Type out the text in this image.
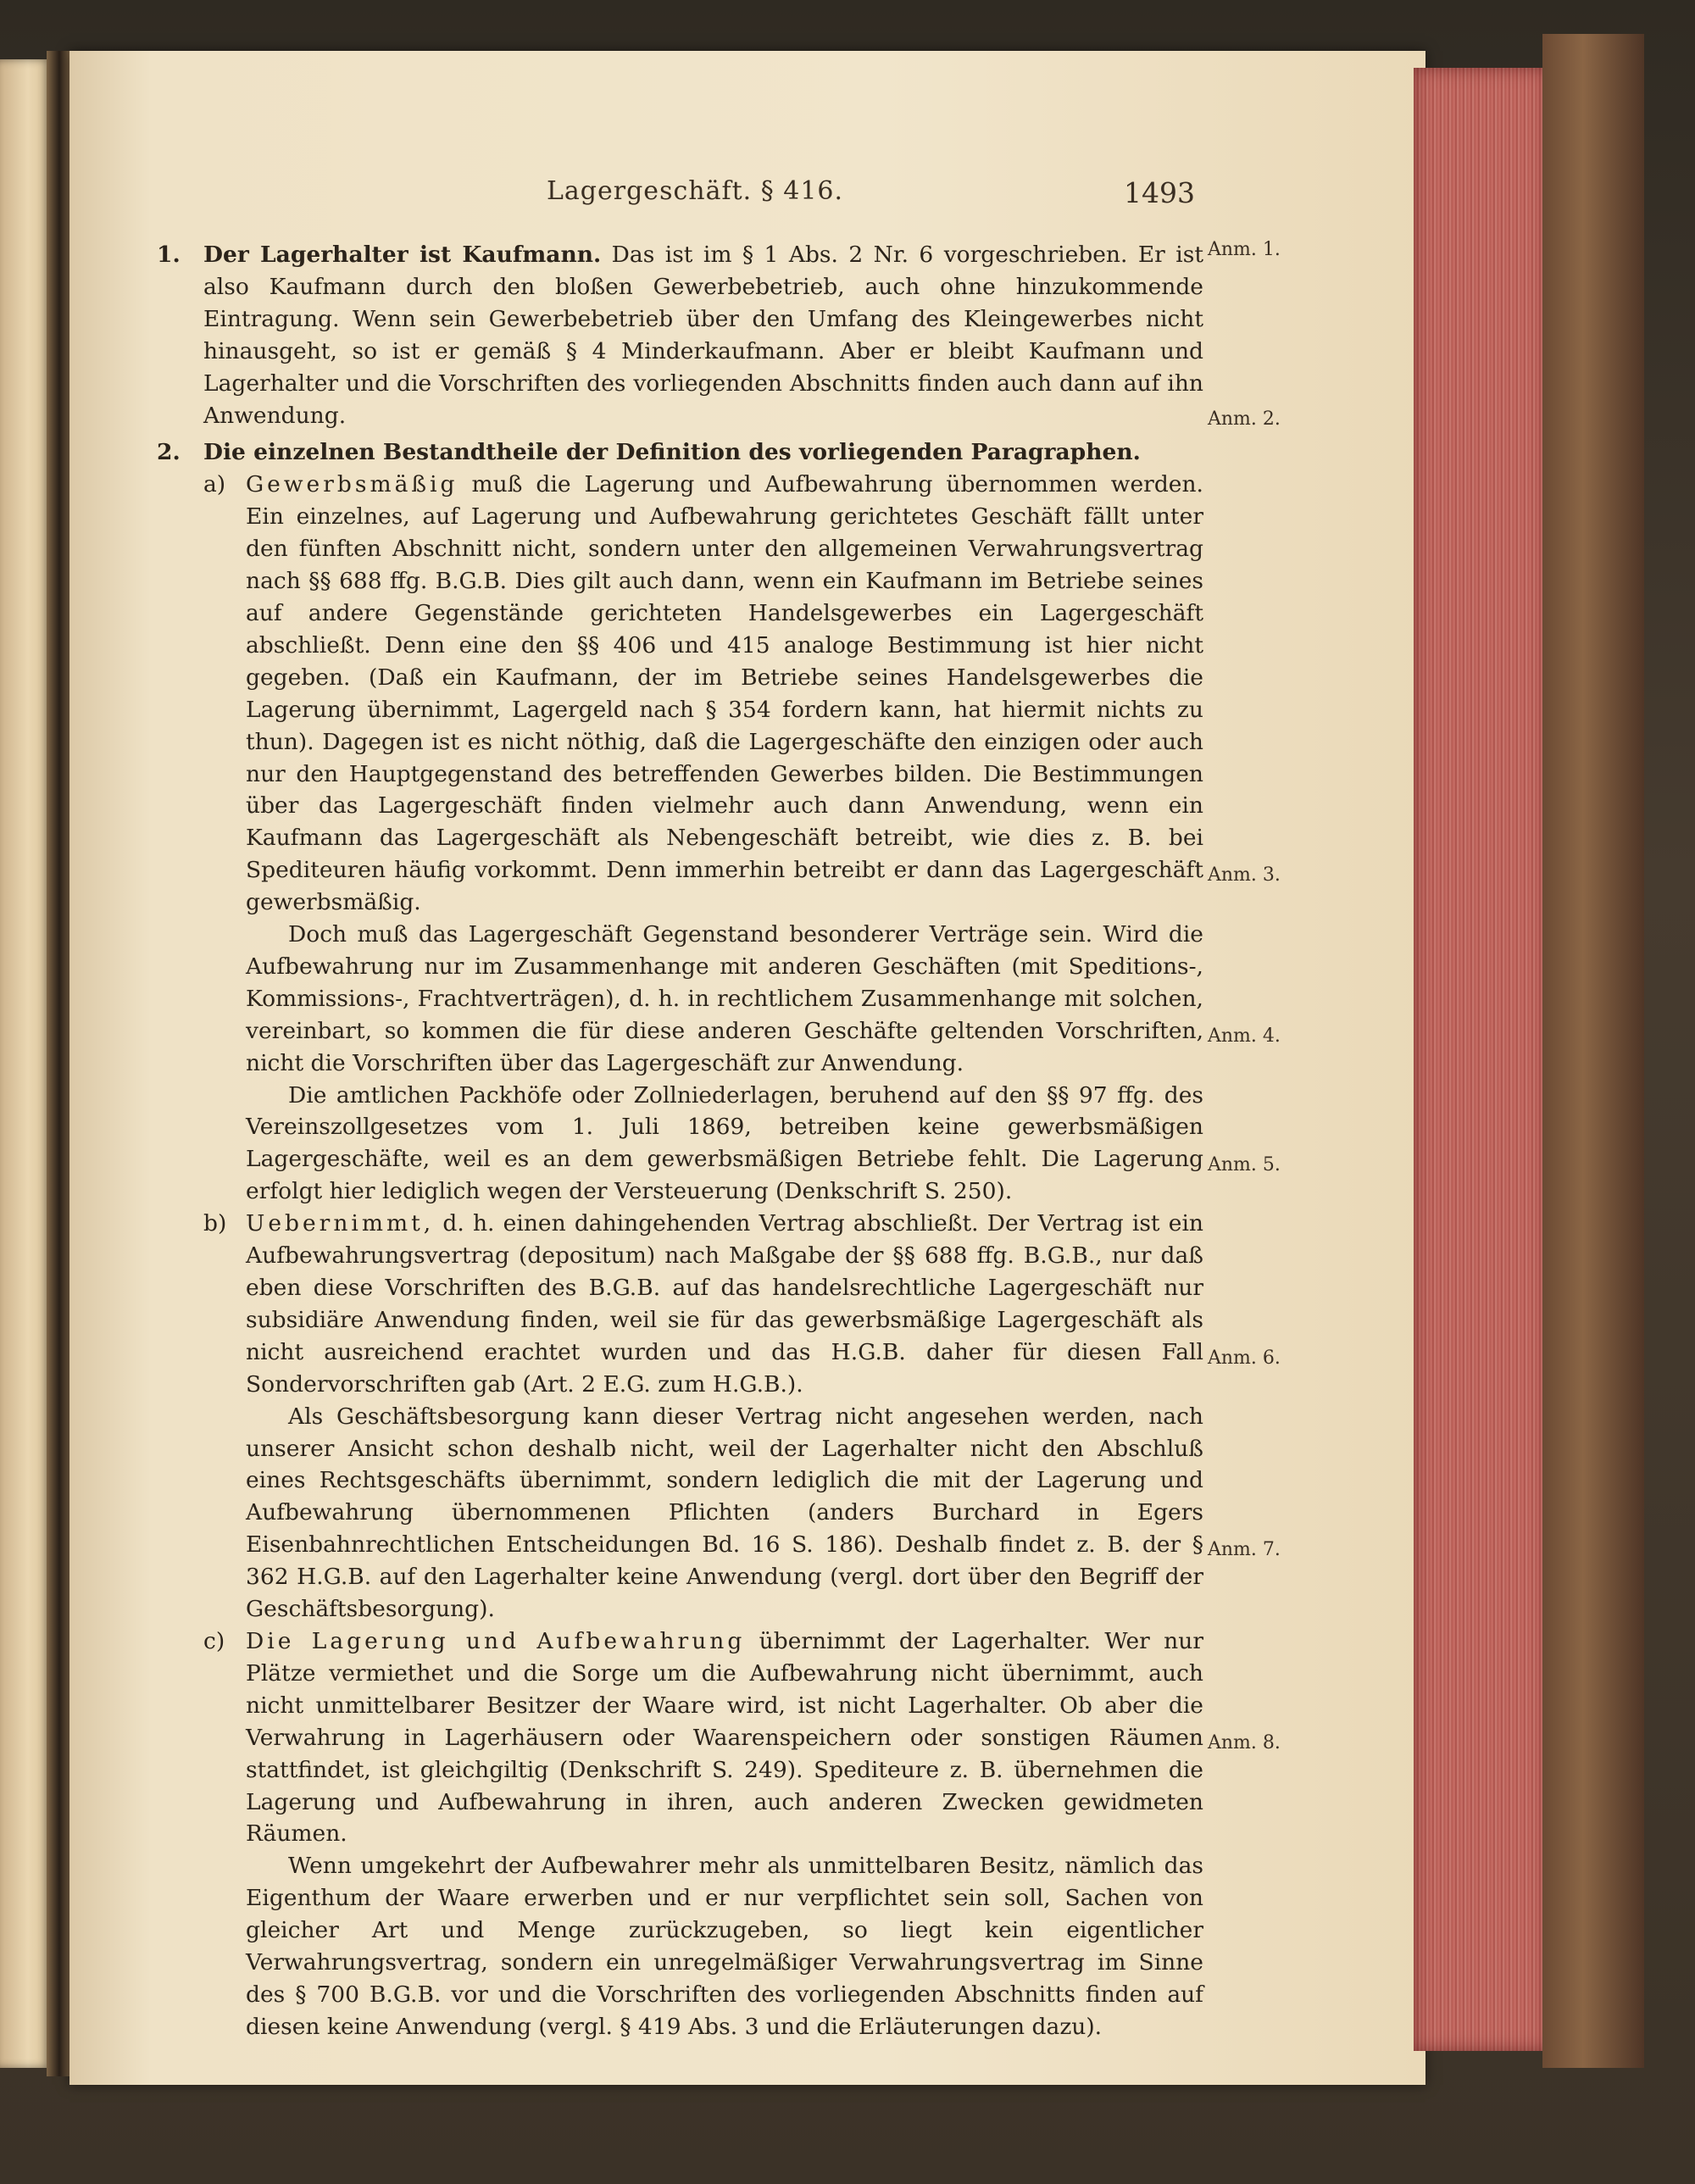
Lagergeschäft. § 416.	1493
1. Der Lagerhalter ist Kaufmann. Das ist im § 1 Abs. 2 Nr. 6 vorgeschrieben. Er ist also Kaufmann durch den bloßen Gewerbebetrieb, auch ohne hinzukommende Eintragung. Wenn sein Gewerbebetrieb über den Umfang des Kleingewerbes nicht hinausgeht, so ist er gemäß § 4 Minderkaufmann. Aber er bleibt Kaufmann und Lagerhalter und die Vorschriften des vorliegenden Abschnitts finden auch dann auf ihn Anwendung.
2. Die einzelnen Bestandtheile der Definition des vorliegenden Paragraphen.
a) Gewerbsmäßig muß die Lagerung und Aufbewahrung übernommen werden. Ein einzelnes, auf Lagerung und Aufbewahrung gerichtetes Geschäft fällt unter den fünften Abschnitt nicht, sondern unter den allgemeinen Verwahrungsvertrag nach §§ 688 ffg. B.G.B. Dies gilt auch dann, wenn ein Kaufmann im Betriebe seines auf andere Gegenstände gerichteten Handelsgewerbes ein Lagergeschäft abschließt. Denn eine den §§ 406 und 415 analoge Bestimmung ist hier nicht gegeben. (Daß ein Kaufmann, der im Betriebe seines Handelsgewerbes die Lagerung übernimmt, Lagergeld nach § 354 fordern kann, hat hiermit nichts zu thun). Dagegen ist es nicht nöthig, daß die Lagergeschäfte den einzigen oder auch nur den Hauptgegenstand des betreffenden Gewerbes bilden. Die Bestimmungen über das Lagergeschäft finden vielmehr auch dann Anwendung, wenn ein Kaufmann das Lagergeschäft als Nebengeschäft betreibt, wie dies z. B. bei Spediteuren häufig vorkommt. Denn immerhin betreibt er dann das Lagergeschäft gewerbsmäßig.
Doch muß das Lagergeschäft Gegenstand besonderer Verträge sein. Wird die Aufbewahrung nur im Zusammenhange mit anderen Geschäften (mit Speditions-, Kommissions-, Frachtverträgen), d. h. in rechtlichem Zusammenhange mit solchen, vereinbart, so kommen die für diese anderen Geschäfte geltenden Vorschriften, nicht die Vorschriften über das Lagergeschäft zur Anwendung.
Die amtlichen Packhöfe oder Zollniederlagen, beruhend auf den §§ 97 ffg. des Vereinszollgesetzes vom 1. Juli 1869, betreiben keine gewerbsmäßigen Lagergeschäfte, weil es an dem gewerbsmäßigen Betriebe fehlt. Die Lagerung erfolgt hier lediglich wegen der Versteuerung (Denkschrift S. 250).
b) Uebernimmt, d. h. einen dahingehenden Vertrag abschließt. Der Vertrag ist ein Aufbewahrungsvertrag (depositum) nach Maßgabe der §§ 688 ffg. B.G.B., nur daß eben diese Vorschriften des B.G.B. auf das handelsrechtliche Lagergeschäft nur subsidiäre Anwendung finden, weil sie für das gewerbsmäßige Lagergeschäft als nicht ausreichend erachtet wurden und das H.G.B. daher für diesen Fall Sondervorschriften gab (Art. 2 E.G. zum H.G.B.).
Als Geschäftsbesorgung kann dieser Vertrag nicht angesehen werden, nach unserer Ansicht schon deshalb nicht, weil der Lagerhalter nicht den Abschluß eines Rechtsgeschäfts übernimmt, sondern lediglich die mit der Lagerung und Aufbewahrung übernommenen Pflichten (anders Burchard in Egers Eisenbahnrechtlichen Entscheidungen Bd. 16 S. 186). Deshalb findet z. B. der § 362 H.G.B. auf den Lagerhalter keine Anwendung (vergl. dort über den Begriff der Geschäftsbesorgung).
c) Die Lagerung und Aufbewahrung übernimmt der Lagerhalter. Wer nur Plätze vermiethet und die Sorge um die Aufbewahrung nicht übernimmt, auch nicht unmittelbarer Besitzer der Waare wird, ist nicht Lagerhalter. Ob aber die Verwahrung in Lagerhäusern oder Waarenspeichern oder sonstigen Räumen stattfindet, ist gleichgiltig (Denkschrift S. 249). Spediteure z. B. übernehmen die Lagerung und Aufbewahrung in ihren, auch anderen Zwecken gewidmeten Räumen.
Wenn umgekehrt der Aufbewahrer mehr als unmittelbaren Besitz, nämlich das Eigenthum der Waare erwerben und er nur verpflichtet sein soll, Sachen von gleicher Art und Menge zurückzugeben, so liegt kein eigentlicher Verwahrungsvertrag, sondern ein unregelmäßiger Verwahrungsvertrag im Sinne des § 700 B.G.B. vor und die Vorschriften des vorliegenden Abschnitts finden auf diesen keine Anwendung (vergl. § 419 Abs. 3 und die Erläuterungen dazu).
Anm. 1.
Anm. 2.
Anm. 3.
Anm. 4.
Anm. 5.
Anm. 6.
Anm. 7.
Anm. 8.
